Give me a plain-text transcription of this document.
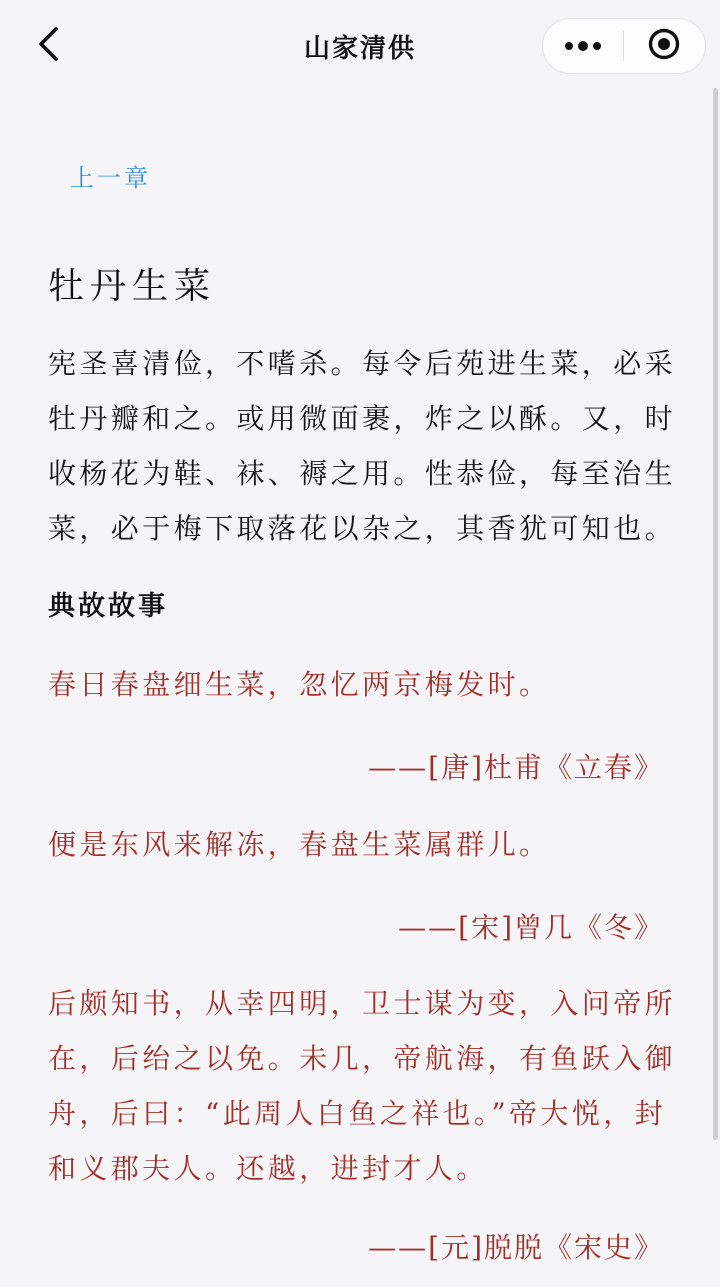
山家清供
上一章
牡丹生菜
宪圣喜清俭，不嗜杀。每令后苑进生菜，必采牡丹瓣和之。或用微面裹，炸之以酥。又，时收杨花为鞋、袜、褥之用。性恭俭，每至治生菜，必于梅下取落花以杂之，其香犹可知也。
典故故事
春日春盘细生菜，忽忆两京梅发时。
——[唐]杜甫《立春》
便是东风来解冻，春盘生菜属群儿。
——[宋]曾几《冬》
后颇知书，从幸四明，卫士谋为变，入问帝所在，后绐之以免。未几，帝航海，有鱼跃入御舟，后曰：“此周人白鱼之祥也。”帝大悦，封和义郡夫人。还越，进封才人。
——[元]脱脱《宋史》
